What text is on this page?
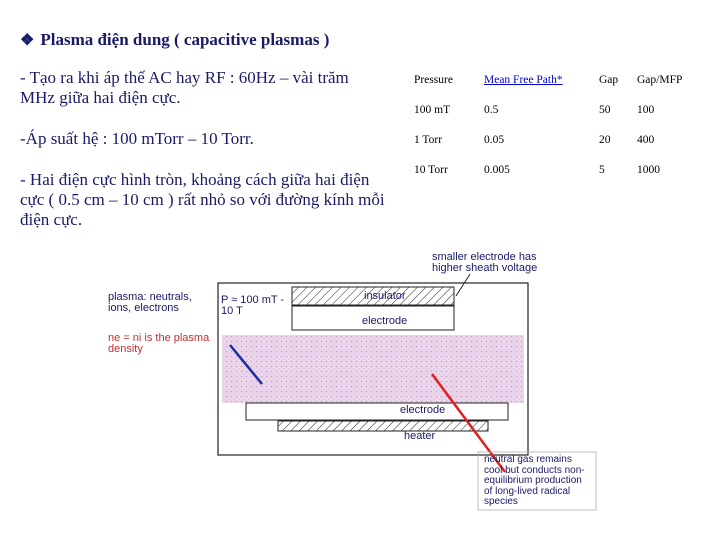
❖ Plasma điện dung ( capacitive plasmas )
- Tạo ra khi áp thế AC hay RF : 60Hz – vài trăm MHz giữa hai điện cực.
-Áp suất hệ : 100 mTorr – 10 Torr.
- Hai điện cực hình tròn, khoảng cách giữa hai điện cực ( 0.5 cm – 10 cm ) rất nhỏ so với đường kính mỗi điện cực.
Pressure	Mean Free Path*	Gap	Gap/MFP
100 mT	0.5	50	100
1 Torr	0.05	20	400
10 Torr	0.005	5	1000
smaller electrode has
higher sheath voltage
plasma: neutrals,
ions, electrons
P ≈ 100 mT -
10 T
ne = ni is the plasma
density
insulator
electrode
electrode
heater
neutral gas remains
cool but conducts non-
equilibrium production
of long-lived radical
species
